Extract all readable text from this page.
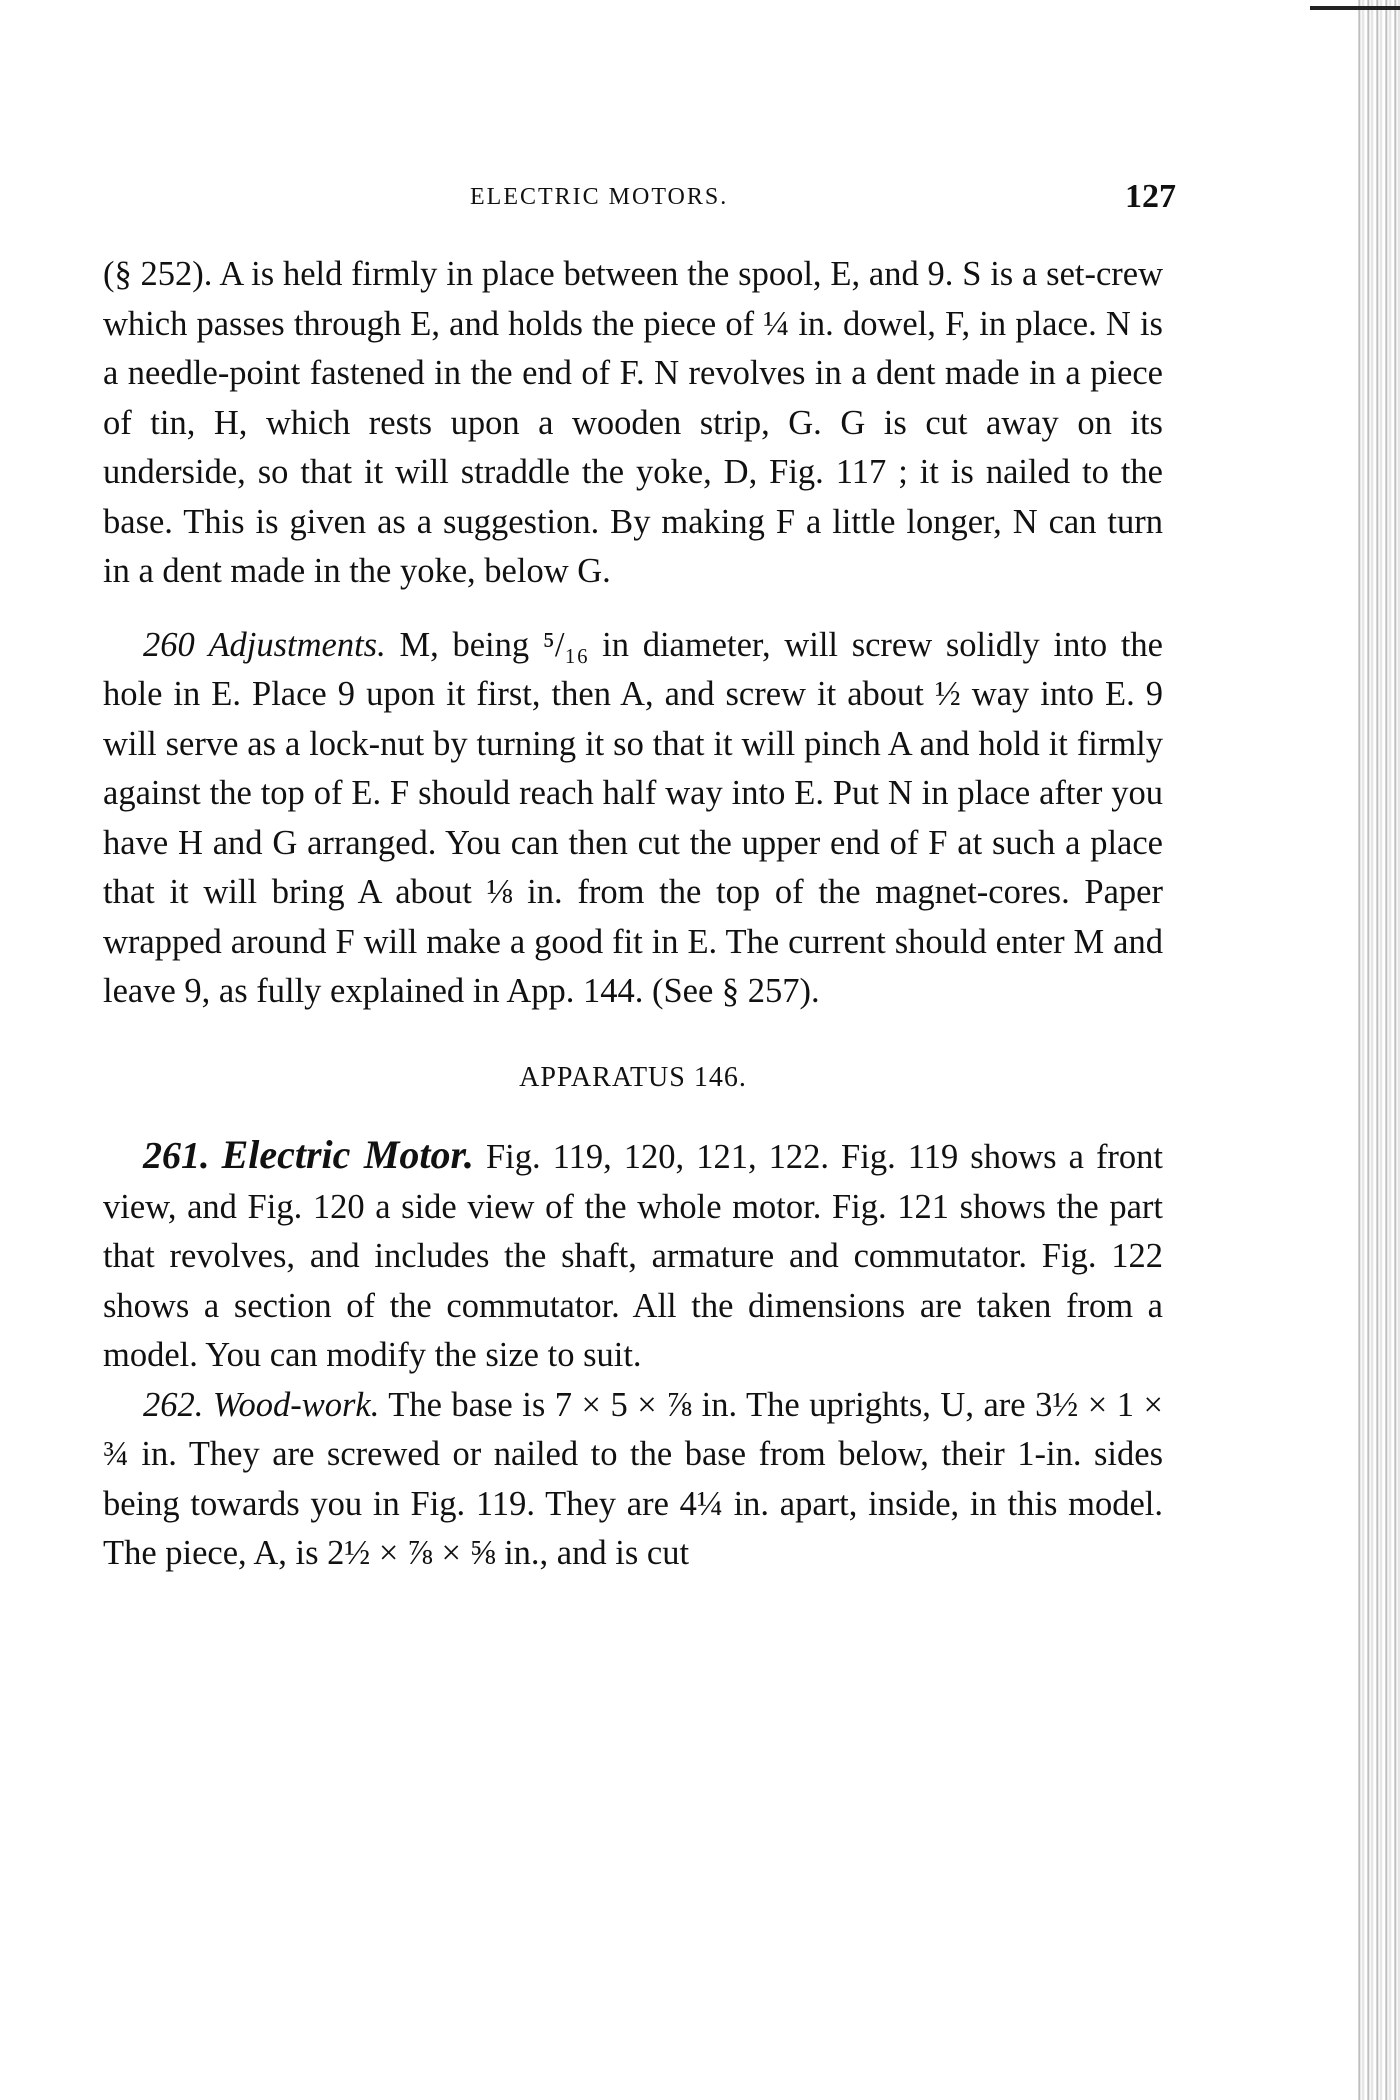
ELECTRIC MOTORS.	127

(§ 252). A is held firmly in place between the spool, E, and 9. S is a set-crew which passes through E, and holds the piece of ¼ in. dowel, F, in place. N is a needle-point fastened in the end of F. N revolves in a dent made in a piece of tin, H, which rests upon a wooden strip, G. G is cut away on its underside, so that it will straddle the yoke, D, Fig. 117 ; it is nailed to the base. This is given as a suggestion. By making F a little longer, N can turn in a dent made in the yoke, below G.

260 Adjustments. M, being ⁵/₁₆ in diameter, will screw solidly into the hole in E. Place 9 upon it first, then A, and screw it about ½ way into E. 9 will serve as a lock-nut by turning it so that it will pinch A and hold it firmly against the top of E. F should reach half way into E. Put N in place after you have H and G arranged. You can then cut the upper end of F at such a place that it will bring A about ⅛ in. from the top of the magnet-cores. Paper wrapped around F will make a good fit in E. The current should enter M and leave 9, as fully explained in App. 144. (See § 257).

APPARATUS 146.

261. Electric Motor. Fig. 119, 120, 121, 122. Fig. 119 shows a front view, and Fig. 120 a side view of the whole motor. Fig. 121 shows the part that revolves, and includes the shaft, armature and commutator. Fig. 122 shows a section of the commutator. All the dimensions are taken from a model. You can modify the size to suit.

262. Wood-work. The base is 7 × 5 × ⅞ in. The uprights, U, are 3½ × 1 × ¾ in. They are screwed or nailed to the base from below, their 1-in. sides being towards you in Fig. 119. They are 4¼ in. apart, inside, in this model. The piece, A, is 2½ × ⅞ × ⅝ in., and is cut
